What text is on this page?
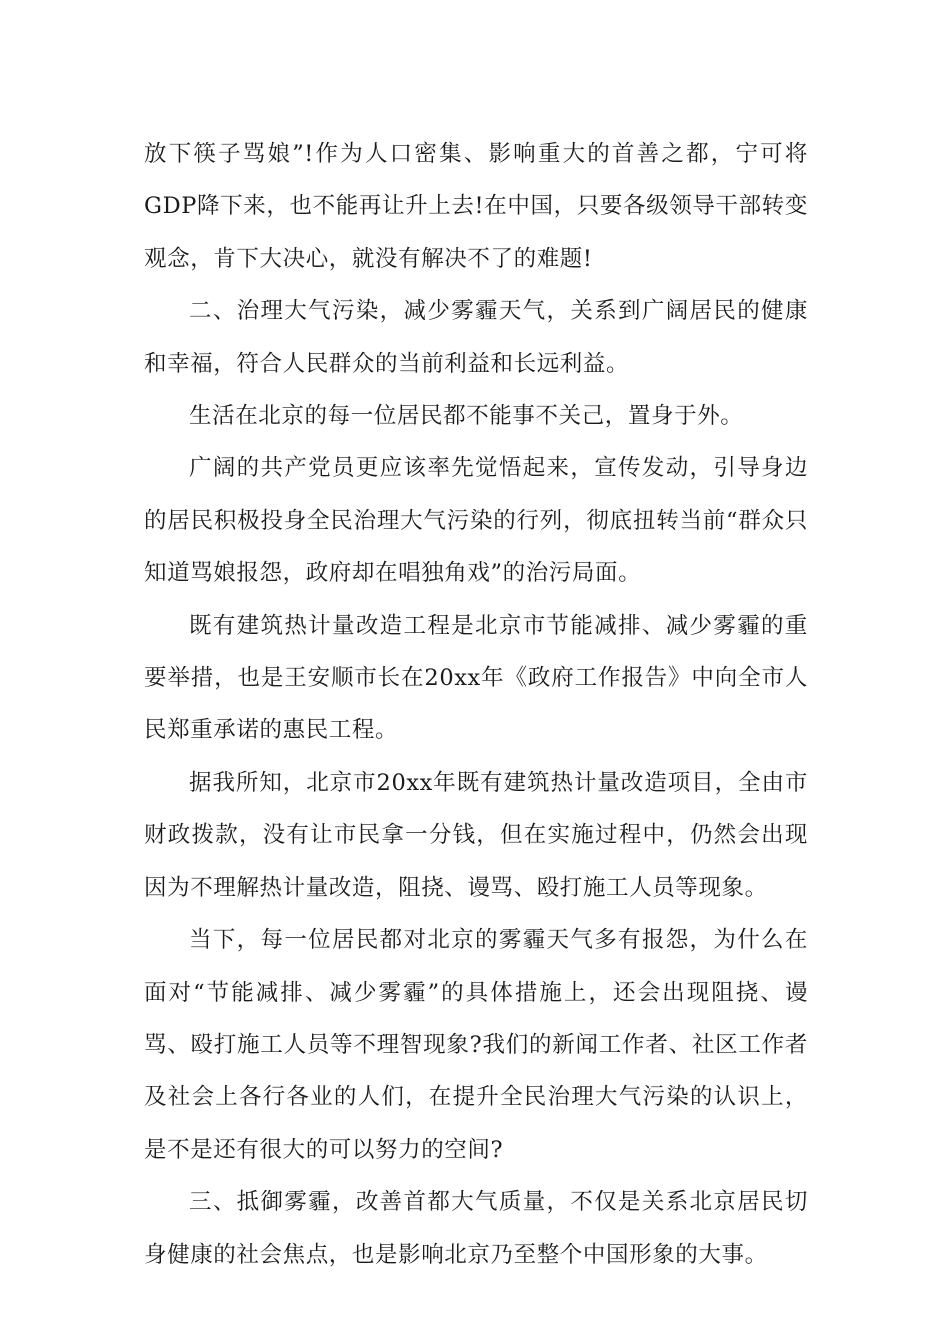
放下筷子骂娘”!作为人口密集、影响重大的首善之都，宁可将GDP降下来，也不能再让升上去!在中国，只要各级领导干部转变观念，肯下大决心，就没有解决不了的难题!

二、治理大气污染，减少雾霾天气，关系到广阔居民的健康和幸福，符合人民群众的当前利益和长远利益。

生活在北京的每一位居民都不能事不关己，置身于外。

广阔的共产党员更应该率先觉悟起来，宣传发动，引导身边的居民积极投身全民治理大气污染的行列，彻底扭转当前“群众只知道骂娘报怨，政府却在唱独角戏”的治污局面。

既有建筑热计量改造工程是北京市节能减排、减少雾霾的重要举措，也是王安顺市长在20xx年《政府工作报告》中向全市人民郑重承诺的惠民工程。

据我所知，北京市20xx年既有建筑热计量改造项目，全由市财政拨款，没有让市民拿一分钱，但在实施过程中，仍然会出现因为不理解热计量改造，阻挠、谩骂、殴打施工人员等现象。

当下，每一位居民都对北京的雾霾天气多有报怨，为什么在面对“节能减排、减少雾霾”的具体措施上，还会出现阻挠、谩骂、殴打施工人员等不理智现象?我们的新闻工作者、社区工作者及社会上各行各业的人们，在提升全民治理大气污染的认识上，是不是还有很大的可以努力的空间?

三、抵御雾霾，改善首都大气质量，不仅是关系北京居民切身健康的社会焦点，也是影响北京乃至整个中国形象的大事。
